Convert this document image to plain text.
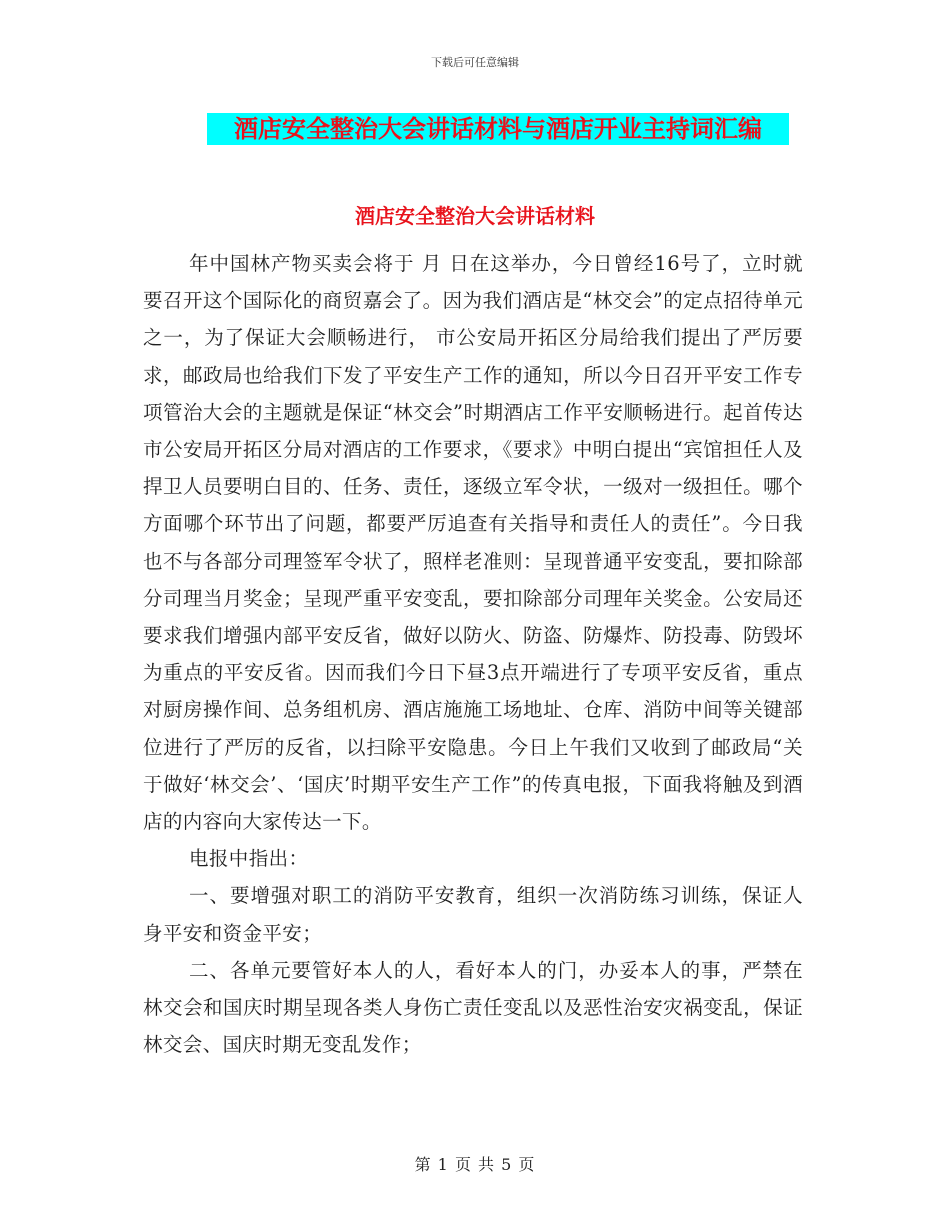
下载后可任意编辑
酒店安全整治大会讲话材料与酒店开业主持词汇编
酒店安全整治大会讲话材料

年中国林产物买卖会将于 月 日在这举办，今日曾经16号了，立时就要召开这个国际化的商贸嘉会了。因为我们酒店是“林交会”的定点招待单元之一，为了保证大会顺畅进行， 市公安局开拓区分局给我们提出了严厉要求，邮政局也给我们下发了平安生产工作的通知，所以今日召开平安工作专项管治大会的主题就是保证“林交会”时期酒店工作平安顺畅进行。起首传达 市公安局开拓区分局对酒店的工作要求，《要求》中明白提出“宾馆担任人及捍卫人员要明白目的、任务、责任，逐级立军令状，一级对一级担任。哪个方面哪个环节出了问题，都要严厉追查有关指导和责任人的责任”。今日我也不与各部分司理签军令状了，照样老准则：呈现普通平安变乱，要扣除部分司理当月奖金；呈现严重平安变乱，要扣除部分司理年关奖金。公安局还要求我们增强内部平安反省，做好以防火、防盗、防爆炸、防投毒、防毁坏为重点的平安反省。因而我们今日下昼3点开端进行了专项平安反省，重点对厨房操作间、总务组机房、酒店施施工场地址、仓库、消防中间等关键部位进行了严厉的反省，以扫除平安隐患。今日上午我们又收到了邮政局“关于做好‘林交会’、‘国庆’时期平安生产工作”的传真电报，下面我将触及到酒店的内容向大家传达一下。

电报中指出：

一、要增强对职工的消防平安教育，组织一次消防练习训练，保证人身平安和资金平安；

二、各单元要管好本人的人，看好本人的门，办妥本人的事，严禁在林交会和国庆时期呈现各类人身伤亡责任变乱以及恶性治安灾祸变乱，保证林交会、国庆时期无变乱发作；

第 1 页 共 5 页
